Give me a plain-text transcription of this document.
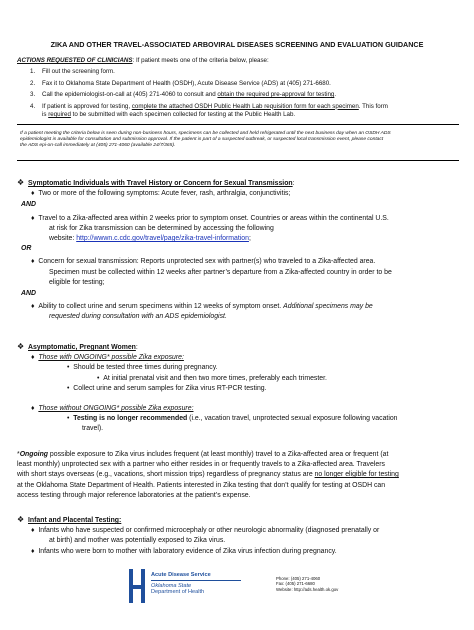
ZIKA AND OTHER TRAVEL-ASSOCIATED ARBOVIRAL DISEASES SCREENING AND EVALUATION GUIDANCE
ACTIONS REQUESTED OF CLINICIANS: If patient meets one of the criteria below, please:
1. Fill out the screening form.
2. Fax it to Oklahoma State Department of Health (OSDH), Acute Disease Service (ADS) at (405) 271-6680.
3. Call the epidemiologist-on-call at (405) 271-4060 to consult and obtain the required pre-approval for testing.
4. If patient is approved for testing, complete the attached OSDH Public Health Lab requisition form for each specimen. This form
is required to be submitted with each specimen collected for testing at the Public Health Lab.
If a patient meeting the criteria below is seen during non-business hours, specimens can be collected and held refrigerated until the next business day when an OSDH ADS
epidemiologist is available for consultation and submission approval. If the patient is part of a suspected outbreak, or suspected local transmission event, please contact
the ADS epi-on-call immediately at (405) 271-4060 (available 24/7/365).
❖ Symptomatic Individuals with Travel History or Concern for Sexual Transmission:
♦ Two or more of the following symptoms: Acute fever, rash, arthralgia, conjunctivitis;
AND
♦ Travel to a Zika-affected area within 2 weeks prior to symptom onset. Countries or areas within the continental U.S.
at risk for Zika transmission can be determined by accessing the following
website: http://wwwn.c.cdc.gov/travel/page/zika-travel-information;
OR
♦ Concern for sexual transmission: Reports unprotected sex with partner(s) who traveled to a Zika-affected area.
Specimen must be collected within 12 weeks after partner’s departure from a Zika-affected country in order to be
eligible for testing;
AND
♦ Ability to collect urine and serum specimens within 12 weeks of symptom onset. Additional specimens may be
requested during consultation with an ADS epidemiologist.
❖ Asymptomatic, Pregnant Women:
♦ Those with ONGOING* possible Zika exposure:
• Should be tested three times during pregnancy.
• At initial prenatal visit and then two more times, preferably each trimester.
• Collect urine and serum samples for Zika virus RT-PCR testing.
♦ Those without ONGOING* possible Zika exposure:
• Testing is no longer recommended (i.e., vacation travel, unprotected sexual exposure following vacation
travel).
*Ongoing possible exposure to Zika virus includes frequent (at least monthly) travel to a Zika-affected area or frequent (at
least monthly) unprotected sex with a partner who either resides in or frequently travels to a Zika-affected area. Travelers
with short stays overseas (e.g., vacations, short mission trips) regardless of pregnancy status are no longer eligible for testing
at the Oklahoma State Department of Health. Patients interested in Zika testing that don’t qualify for testing at OSDH can
access testing through major reference laboratories at the patient’s expense.
❖ Infant and Placental Testing:
♦ Infants who have suspected or confirmed microcephaly or other neurologic abnormality (diagnosed prenatally or
at birth) and mother was potentially exposed to Zika virus.
♦ Infants who were born to mother with laboratory evidence of Zika virus infection during pregnancy.
Acute Disease Service
Oklahoma State
Department of Health
Phone: (405) 271-4060
Fax: (405) 271-6680
Website: http://ads.health.ok.gov
